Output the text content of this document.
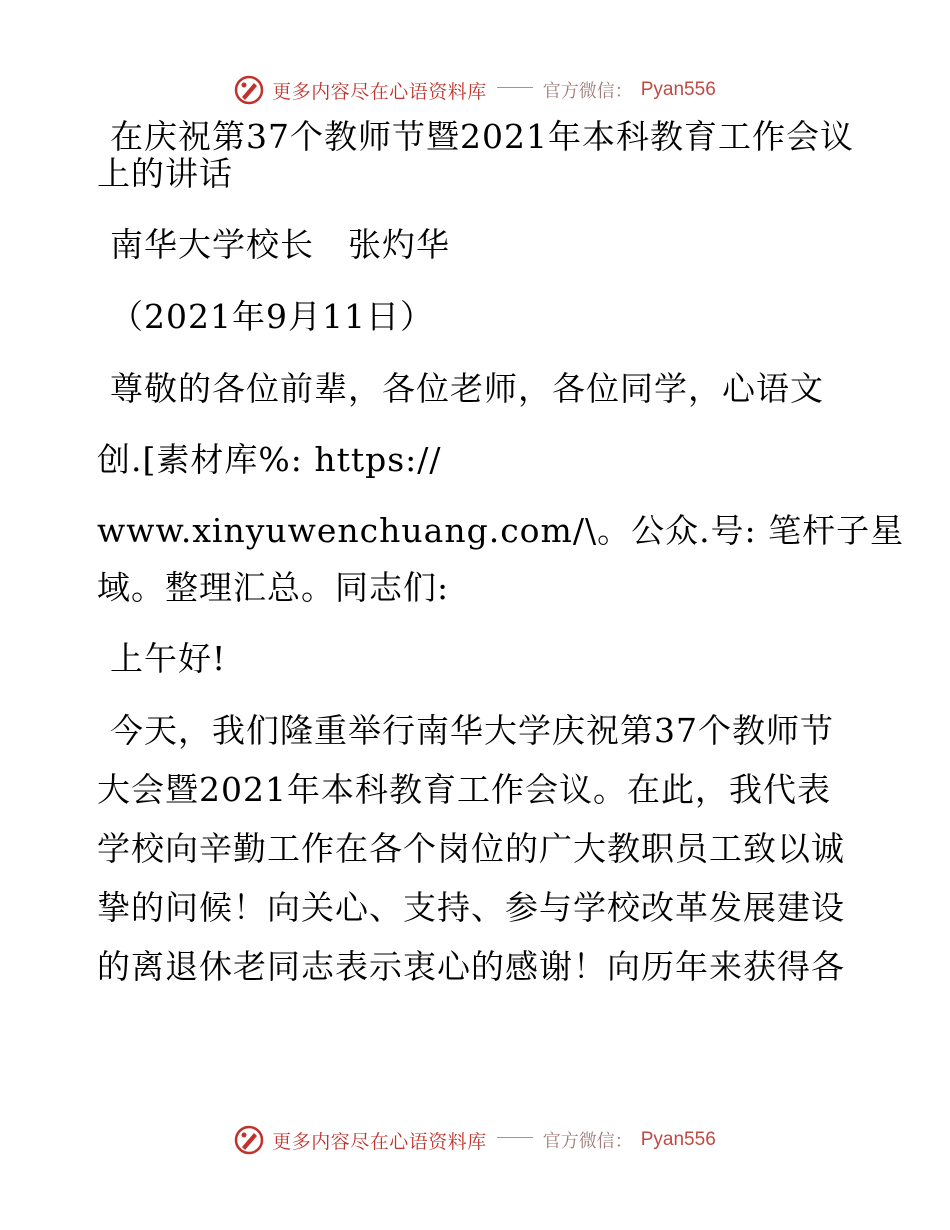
更多内容尽在心语资料库	官方微信： Pyan556
在庆祝第37个教师节暨2021年本科教育工作会议
上的讲话
南华大学校长　张灼华
（2021年9月11日）
尊敬的各位前辈，各位老师，各位同学，心语文
创.[素材库%: https://
www.xinyuwenchuang.com/\。公众.号: 笔杆子星
域。整理汇总。同志们:
上午好!
今天，我们隆重举行南华大学庆祝第37个教师节
大会暨2021年本科教育工作会议。在此，我代表
学校向辛勤工作在各个岗位的广大教职员工致以诚
挚的问候！向关心、支持、参与学校改革发展建设
的离退休老同志表示衷心的感谢！向历年来获得各
更多内容尽在心语资料库	官方微信： Pyan556
